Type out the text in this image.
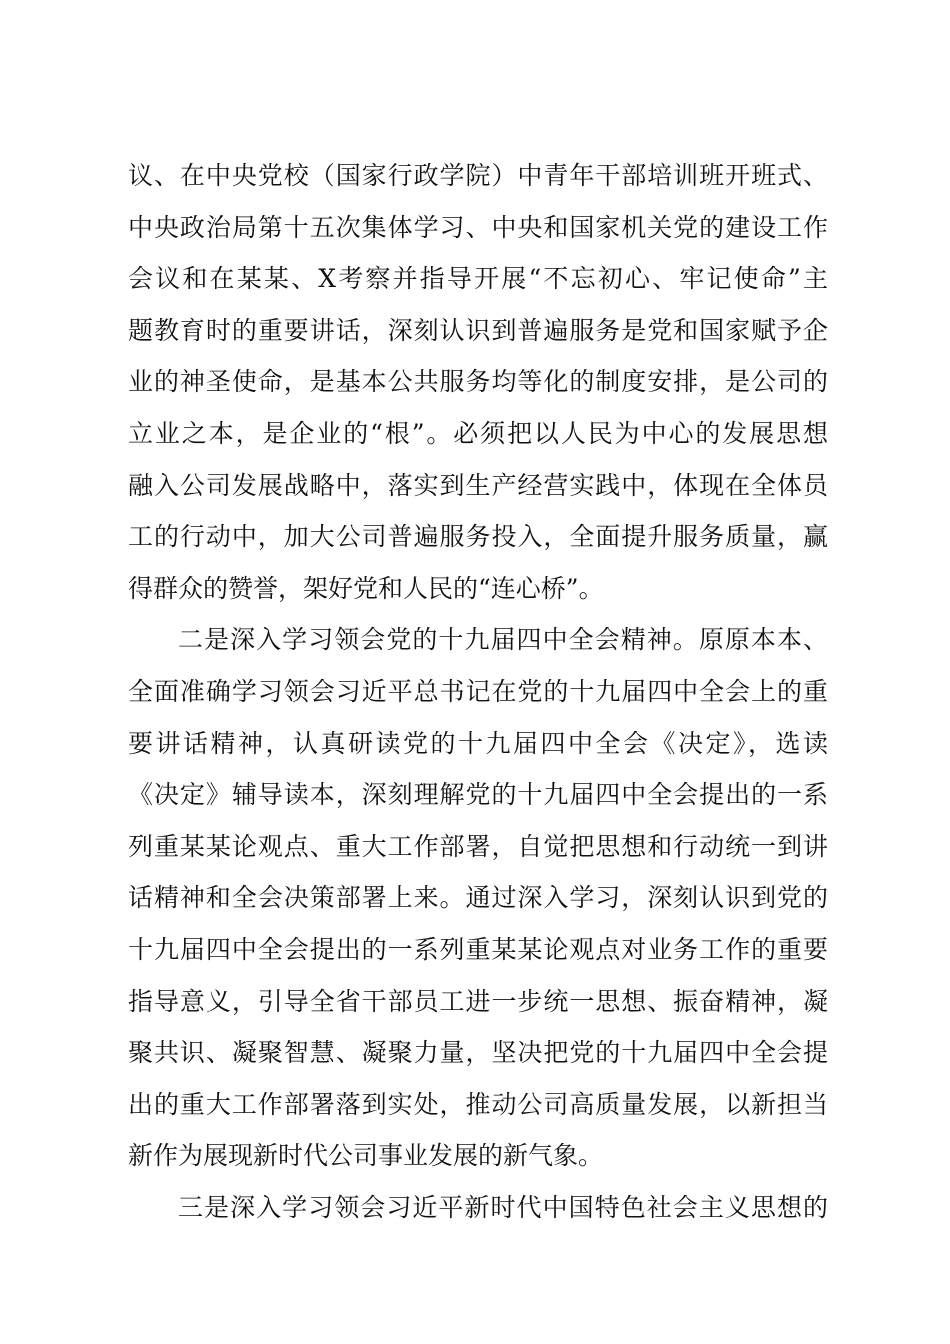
议、在中央党校（国家行政学院）中青年干部培训班开班式、
中央政治局第十五次集体学习、中央和国家机关党的建设工作
会议和在某某、X考察并指导开展“不忘初心、牢记使命”主
题教育时的重要讲话，深刻认识到普遍服务是党和国家赋予企
业的神圣使命，是基本公共服务均等化的制度安排，是公司的
立业之本，是企业的“根”。必须把以人民为中心的发展思想
融入公司发展战略中，落实到生产经营实践中，体现在全体员
工的行动中，加大公司普遍服务投入，全面提升服务质量，赢
得群众的赞誉，架好党和人民的“连心桥”。
二是深入学习领会党的十九届四中全会精神。原原本本、
全面准确学习领会习近平总书记在党的十九届四中全会上的重
要讲话精神，认真研读党的十九届四中全会《决定》，选读
《决定》辅导读本，深刻理解党的十九届四中全会提出的一系
列重某某论观点、重大工作部署，自觉把思想和行动统一到讲
话精神和全会决策部署上来。通过深入学习，深刻认识到党的
十九届四中全会提出的一系列重某某论观点对业务工作的重要
指导意义，引导全省干部员工进一步统一思想、振奋精神，凝
聚共识、凝聚智慧、凝聚力量，坚决把党的十九届四中全会提
出的重大工作部署落到实处，推动公司高质量发展，以新担当
新作为展现新时代公司事业发展的新气象。
三是深入学习领会习近平新时代中国特色社会主义思想的
